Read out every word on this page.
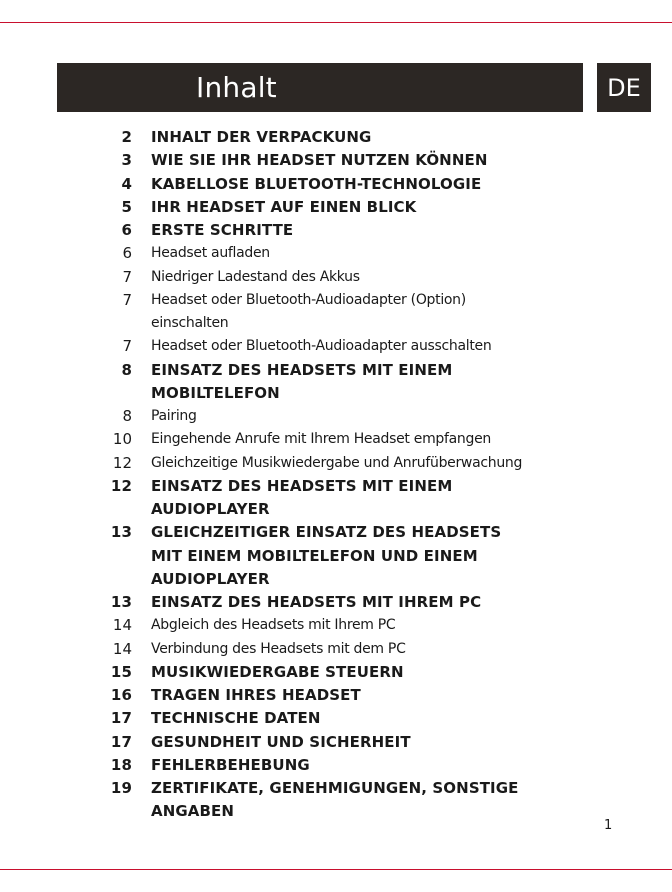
Inhalt	DE
2 INHALT DER VERPACKUNG
3 WIE SIE IHR HEADSET NUTZEN KÖNNEN
4 KABELLOSE BLUETOOTH-TECHNOLOGIE
5 IHR HEADSET AUF EINEN BLICK
6 ERSTE SCHRITTE
6 Headset aufladen
7 Niedriger Ladestand des Akkus
7 Headset oder Bluetooth-Audioadapter (Option)
einschalten
7 Headset oder Bluetooth-Audioadapter ausschalten
8 EINSATZ DES HEADSETS MIT EINEM
MOBILTELEFON
8 Pairing
10 Eingehende Anrufe mit Ihrem Headset empfangen
12 Gleichzeitige Musikwiedergabe und Anrufüberwachung
12 EINSATZ DES HEADSETS MIT EINEM
AUDIOPLAYER
13 GLEICHZEITIGER EINSATZ DES HEADSETS
MIT EINEM MOBILTELEFON UND EINEM
AUDIOPLAYER
13 EINSATZ DES HEADSETS MIT IHREM PC
14 Abgleich des Headsets mit Ihrem PC
14 Verbindung des Headsets mit dem PC
15 MUSIKWIEDERGABE STEUERN
16 TRAGEN IHRES HEADSET
17 TECHNISCHE DATEN
17 GESUNDHEIT UND SICHERHEIT
18 FEHLERBEHEBUNG
19 ZERTIFIKATE, GENEHMIGUNGEN, SONSTIGE
ANGABEN
1
